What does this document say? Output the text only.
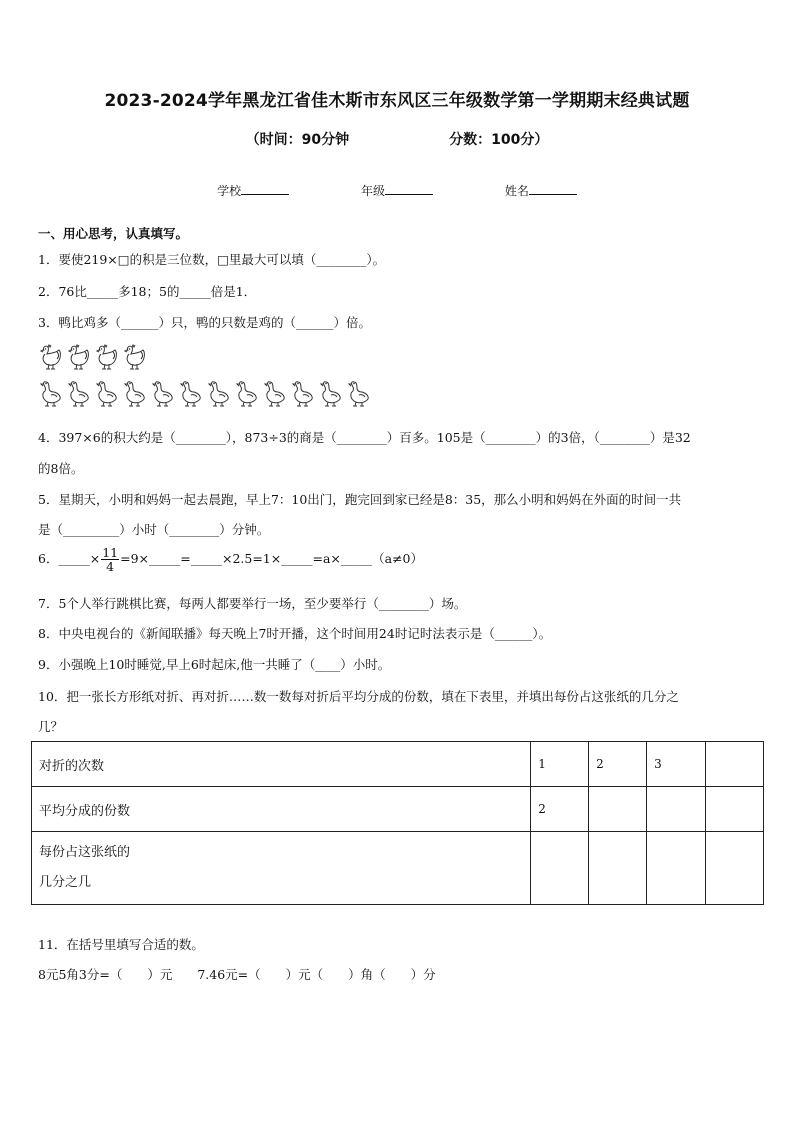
2023-2024学年黑龙江省佳木斯市东风区三年级数学第一学期期末经典试题
（时间：90分钟	分数：100分）
学校	年级	姓名
一、用心思考，认真填写。
1．要使219×□的积是三位数，□里最大可以填（________）。
2．76比_____多18；5的_____倍是1．
3．鸭比鸡多（______）只，鸭的只数是鸡的（______）倍。
4．397×6的积大约是（________），873÷3的商是（________）百多。105是（________）的3倍，（________）是32
的8倍。
5．星期天，小明和妈妈一起去晨跑，早上7：10出门，跑完回到家已经是8：35，那么小明和妈妈在外面的时间一共
是（_________）小时（________）分钟。
6．_____× $\frac{11}{4}$ =9×_____=_____×2.5=1×_____=a×_____（a≠0）
7．5个人举行跳棋比赛，每两人都要举行一场，至少要举行（________）场。
8．中央电视台的《新闻联播》每天晚上7时开播，这个时间用24时记时法表示是（______）。
9．小强晚上10时睡觉,早上6时起床,他一共睡了（____）小时。
10．把一张长方形纸对折、再对折……数一数每对折后平均分成的份数，填在下表里，并填出每份占这张纸的几分之
几？
对折的次数	1	2	3	
平均分成的份数	2			

每份占这张纸的
几分之几				

11．在括号里填写合适的数。
8元5角3分=（　　）元　　7.46元=（　　）元（　　）角（　　）分
